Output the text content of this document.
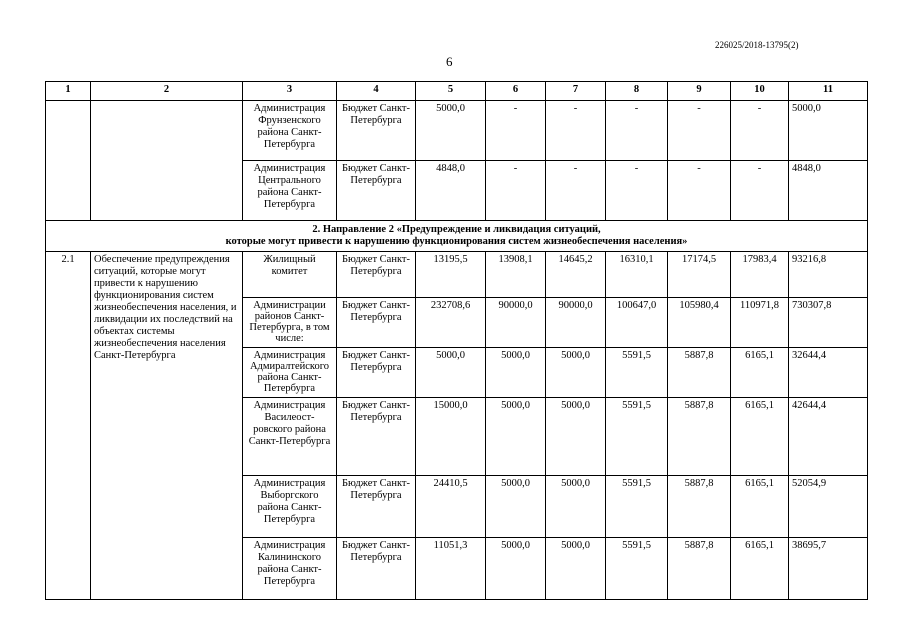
226025/2018-13795(2)
6
1	2	3	4	5	6	7	8	9	10	11
		Администрация Фрунзенского района Санкт-Петербурга	Бюджет Санкт-Петербурга	5000,0	-	-	-	-	-	5000,0
		Администрация Центрального района Санкт-Петербурга	Бюджет Санкт-Петербурга	4848,0	-	-	-	-	-	4848,0

2. Направление 2 «Предупреждение и ликвидация ситуаций,
которые могут привести к нарушению функционирования систем жизнеобеспечения населения»										

2.1	Обеспечение предупреждения ситуаций, которые могут привести к нарушению функционирования систем жизнеобеспечения населения, и ликвидации их последствий на объектах системы жизнеобеспечения населения Санкт-Петербурга	Жилищный комитет	Бюджет Санкт-Петербурга	13195,5	13908,1	14645,2	16310,1	17174,5	17983,4	93216,8
		Администрации районов Санкт-Петербурга, в том числе:	Бюджет Санкт-Петербурга	232708,6	90000,0	90000,0	100647,0	105980,4	110971,8	730307,8
		Администрация Адмиралтейского района Санкт-Петербурга	Бюджет Санкт-Петербурга	5000,0	5000,0	5000,0	5591,5	5887,8	6165,1	32644,4
		Администрация Василеост-ровского района Санкт-Петербурга	Бюджет Санкт-Петербурга	15000,0	5000,0	5000,0	5591,5	5887,8	6165,1	42644,4
		Администрация Выборгского района Санкт-Петербурга	Бюджет Санкт-Петербурга	24410,5	5000,0	5000,0	5591,5	5887,8	6165,1	52054,9
		Администрация Калининского района Санкт-Петербурга	Бюджет Санкт-Петербурга	11051,3	5000,0	5000,0	5591,5	5887,8	6165,1	38695,7
